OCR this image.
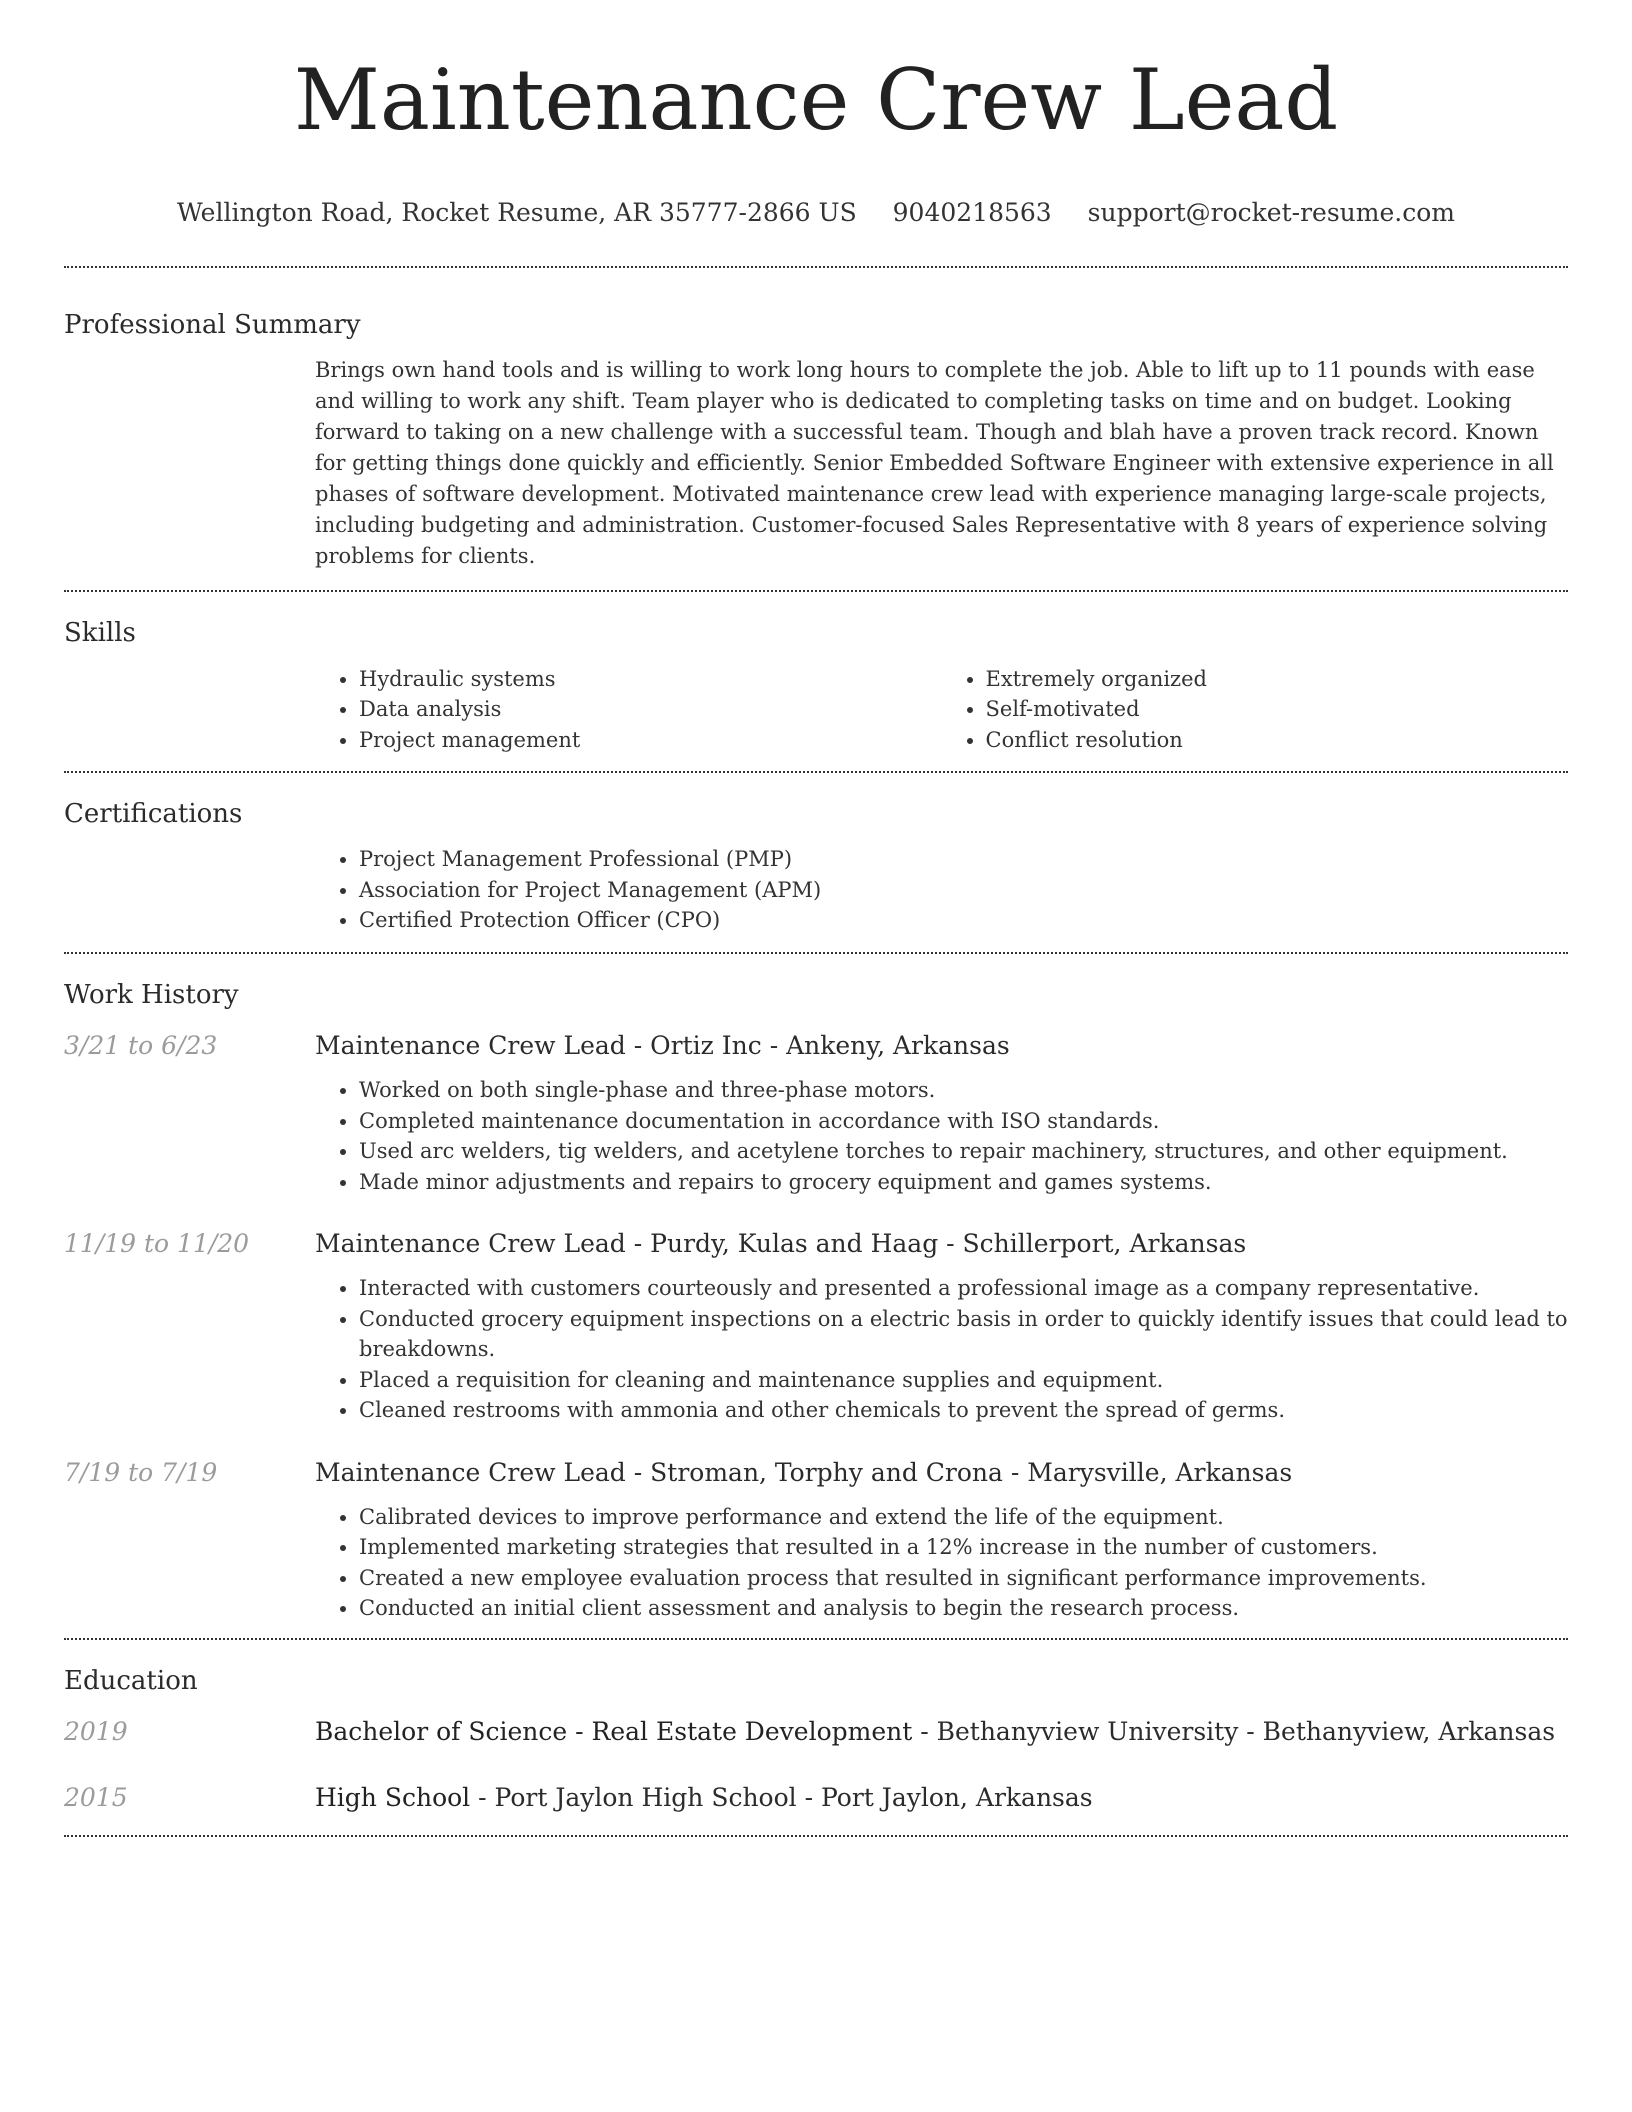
Maintenance Crew Lead
Wellington Road, Rocket Resume, AR 35777-2866 US 9040218563 support@rocket-resume.com
Professional Summary
Brings own hand tools and is willing to work long hours to complete the job. Able to lift up to 11 pounds with ease and willing to work any shift. Team player who is dedicated to completing tasks on time and on budget. Looking forward to taking on a new challenge with a successful team. Though and blah have a proven track record. Known for getting things done quickly and efficiently. Senior Embedded Software Engineer with extensive experience in all phases of software development. Motivated maintenance crew lead with experience managing large-scale projects, including budgeting and administration. Customer-focused Sales Representative with 8 years of experience solving problems for clients.
Skills
• Hydraulic systems
• Data analysis
• Project management
• Extremely organized
• Self-motivated
• Conflict resolution
Certifications
• Project Management Professional (PMP)
• Association for Project Management (APM)
• Certified Protection Officer (CPO)
Work History
3/21 to 6/23	Maintenance Crew Lead - Ortiz Inc - Ankeny, Arkansas
• Worked on both single-phase and three-phase motors.
• Completed maintenance documentation in accordance with ISO standards.
• Used arc welders, tig welders, and acetylene torches to repair machinery, structures, and other equipment.
• Made minor adjustments and repairs to grocery equipment and games systems.
11/19 to 11/20	Maintenance Crew Lead - Purdy, Kulas and Haag - Schillerport, Arkansas
• Interacted with customers courteously and presented a professional image as a company representative.
• Conducted grocery equipment inspections on a electric basis in order to quickly identify issues that could lead to breakdowns.
• Placed a requisition for cleaning and maintenance supplies and equipment.
• Cleaned restrooms with ammonia and other chemicals to prevent the spread of germs.
7/19 to 7/19	Maintenance Crew Lead - Stroman, Torphy and Crona - Marysville, Arkansas
• Calibrated devices to improve performance and extend the life of the equipment.
• Implemented marketing strategies that resulted in a 12% increase in the number of customers.
• Created a new employee evaluation process that resulted in significant performance improvements.
• Conducted an initial client assessment and analysis to begin the research process.
Education
2019	Bachelor of Science - Real Estate Development - Bethanyview University - Bethanyview, Arkansas
2015	High School - Port Jaylon High School - Port Jaylon, Arkansas
